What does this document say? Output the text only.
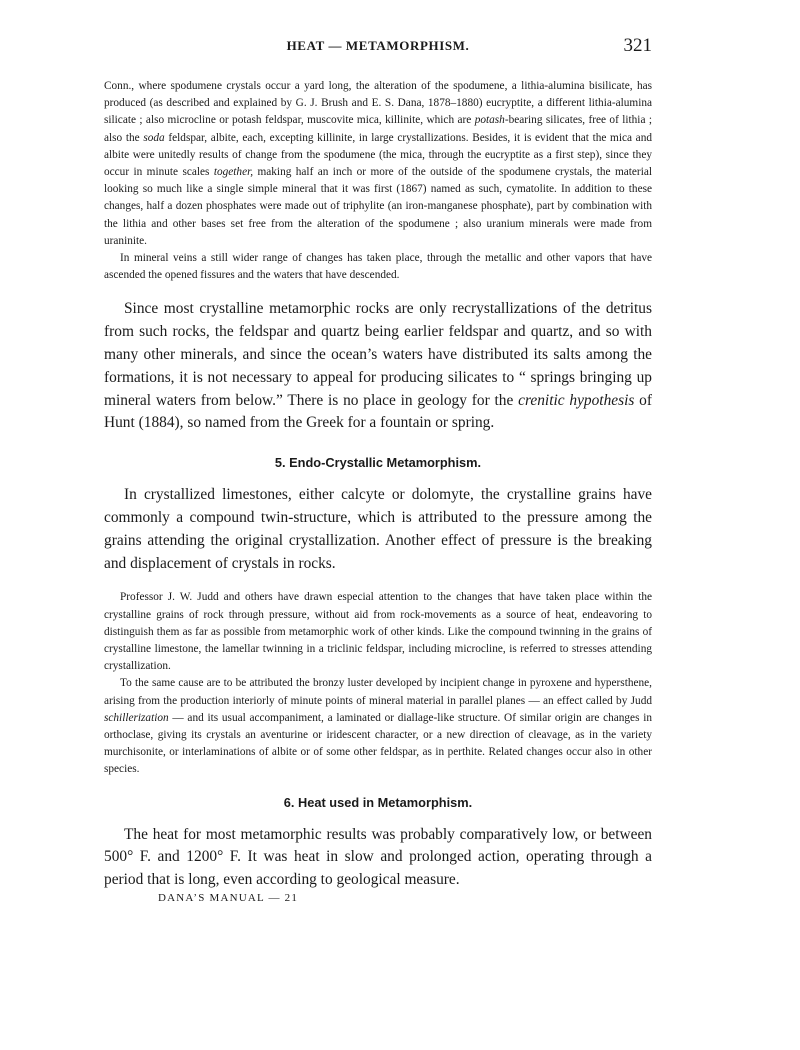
HEAT — METAMORPHISM.	321

Conn., where spodumene crystals occur a yard long, the alteration of the spodumene, a lithia-alumina bisilicate, has produced (as described and explained by G. J. Brush and E. S. Dana, 1878–1880) eucryptite, a different lithia-alumina silicate ; also microcline or potash feldspar, muscovite mica, killinite, which are potash-bearing silicates, free of lithia ; also the soda feldspar, albite, each, excepting killinite, in large crystallizations. Besides, it is evident that the mica and albite were unitedly results of change from the spodumene (the mica, through the eucryptite as a first step), since they occur in minute scales together, making half an inch or more of the outside of the spodumene crystals, the material looking so much like a single simple mineral that it was first (1867) named as such, cymatolite. In addition to these changes, half a dozen phosphates were made out of triphylite (an iron-manganese phosphate), part by combination with the lithia and other bases set free from the alteration of the spodumene ; also uranium minerals were made from uraninite.

In mineral veins a still wider range of changes has taken place, through the metallic and other vapors that have ascended the opened fissures and the waters that have descended.

Since most crystalline metamorphic rocks are only recrystallizations of the detritus from such rocks, the feldspar and quartz being earlier feldspar and quartz, and so with many other minerals, and since the ocean’s waters have distributed its salts among the formations, it is not necessary to appeal for producing silicates to “ springs bringing up mineral waters from below.” There is no place in geology for the crenitic hypothesis of Hunt (1884), so named from the Greek for a fountain or spring.

5. Endo-Crystallic Metamorphism.

In crystallized limestones, either calcyte or dolomyte, the crystalline grains have commonly a compound twin-structure, which is attributed to the pressure among the grains attending the original crystallization. Another effect of pressure is the breaking and displacement of crystals in rocks.

Professor J. W. Judd and others have drawn especial attention to the changes that have taken place within the crystalline grains of rock through pressure, without aid from rock-movements as a source of heat, endeavoring to distinguish them as far as possible from metamorphic work of other kinds. Like the compound twinning in the grains of crystalline limestone, the lamellar twinning in a triclinic feldspar, including microcline, is referred to stresses attending crystallization.

To the same cause are to be attributed the bronzy luster developed by incipient change in pyroxene and hypersthene, arising from the production interiorly of minute points of mineral material in parallel planes — an effect called by Judd schillerization — and its usual accompaniment, a laminated or diallage-like structure. Of similar origin are changes in orthoclase, giving its crystals an aventurine or iridescent character, or a new direction of cleavage, as in the variety murchisonite, or interlaminations of albite or of some other feldspar, as in perthite. Related changes occur also in other species.

6. Heat used in Metamorphism.

The heat for most metamorphic results was probably comparatively low, or between 500° F. and 1200° F. It was heat in slow and prolonged action, operating through a period that is long, even according to geological measure.

DANA’S MANUAL — 21
